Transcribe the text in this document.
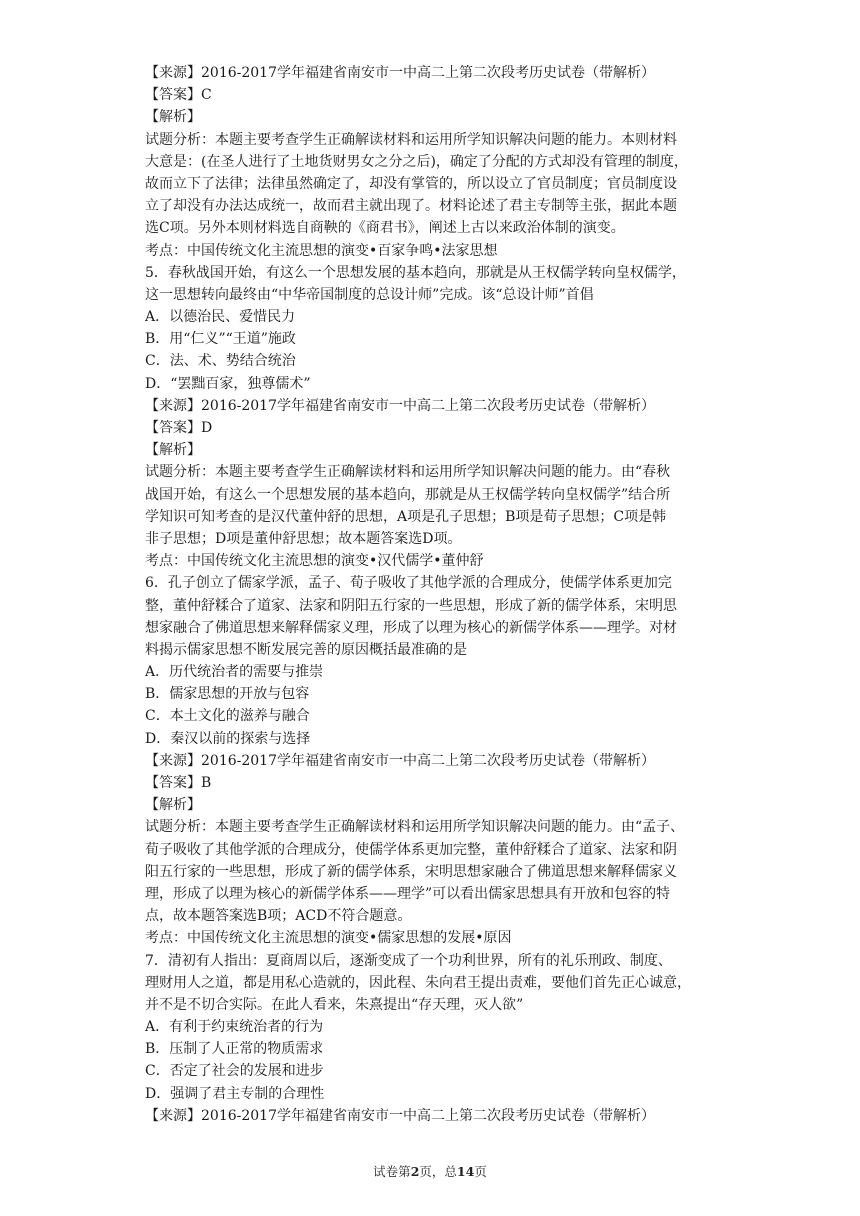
【来源】2016-2017学年福建省南安市一中高二上第二次段考历史试卷（带解析）
【答案】C
【解析】
试题分析：本题主要考查学生正确解读材料和运用所学知识解决问题的能力。本则材料
大意是：(在圣人进行了土地货财男女之分之后)，确定了分配的方式却没有管理的制度，
故而立下了法律；法律虽然确定了，却没有掌管的，所以设立了官员制度；官员制度设
立了却没有办法达成统一，故而君主就出现了。材料论述了君主专制等主张，据此本题
选C项。另外本则材料选自商鞅的《商君书》，阐述上古以来政治体制的演变。
考点：中国传统文化主流思想的演变•百家争鸣•法家思想
5．春秋战国开始，有这么一个思想发展的基本趋向，那就是从王权儒学转向皇权儒学，
这一思想转向最终由“中华帝国制度的总设计师”完成。该“总设计师”首倡
A．以德治民、爱惜民力
B．用“仁义”“王道”施政
C．法、术、势结合统治
D．“罢黜百家，独尊儒术”
【来源】2016-2017学年福建省南安市一中高二上第二次段考历史试卷（带解析）
【答案】D
【解析】
试题分析：本题主要考查学生正确解读材料和运用所学知识解决问题的能力。由“春秋
战国开始，有这么一个思想发展的基本趋向，那就是从王权儒学转向皇权儒学”结合所
学知识可知考查的是汉代董仲舒的思想，A项是孔子思想；B项是荀子思想；C项是韩
非子思想；D项是董仲舒思想；故本题答案选D项。
考点：中国传统文化主流思想的演变•汉代儒学•董仲舒
6．孔子创立了儒家学派，孟子、荀子吸收了其他学派的合理成分，使儒学体系更加完
整，董仲舒糅合了道家、法家和阴阳五行家的一些思想，形成了新的儒学体系，宋明思
想家融合了佛道思想来解释儒家义理，形成了以理为核心的新儒学体系——理学。对材
料揭示儒家思想不断发展完善的原因概括最准确的是
A．历代统治者的需要与推崇
B．儒家思想的开放与包容
C．本土文化的滋养与融合
D．秦汉以前的探索与选择
【来源】2016-2017学年福建省南安市一中高二上第二次段考历史试卷（带解析）
【答案】B
【解析】
试题分析：本题主要考查学生正确解读材料和运用所学知识解决问题的能力。由“孟子、
荀子吸收了其他学派的合理成分，使儒学体系更加完整，董仲舒糅合了道家、法家和阴
阳五行家的一些思想，形成了新的儒学体系，宋明思想家融合了佛道思想来解释儒家义
理，形成了以理为核心的新儒学体系——理学”可以看出儒家思想具有开放和包容的特
点，故本题答案选B项；ACD不符合题意。
考点：中国传统文化主流思想的演变•儒家思想的发展•原因
7．清初有人指出：夏商周以后，逐渐变成了一个功利世界，所有的礼乐刑政、制度、
理财用人之道，都是用私心造就的，因此程、朱向君王提出责难，要他们首先正心诚意，
并不是不切合实际。在此人看来，朱熹提出“存天理，灭人欲”
A．有利于约束统治者的行为
B．压制了人正常的物质需求
C．否定了社会的发展和进步
D．强调了君主专制的合理性
【来源】2016-2017学年福建省南安市一中高二上第二次段考历史试卷（带解析）
试卷第2页，总14页
